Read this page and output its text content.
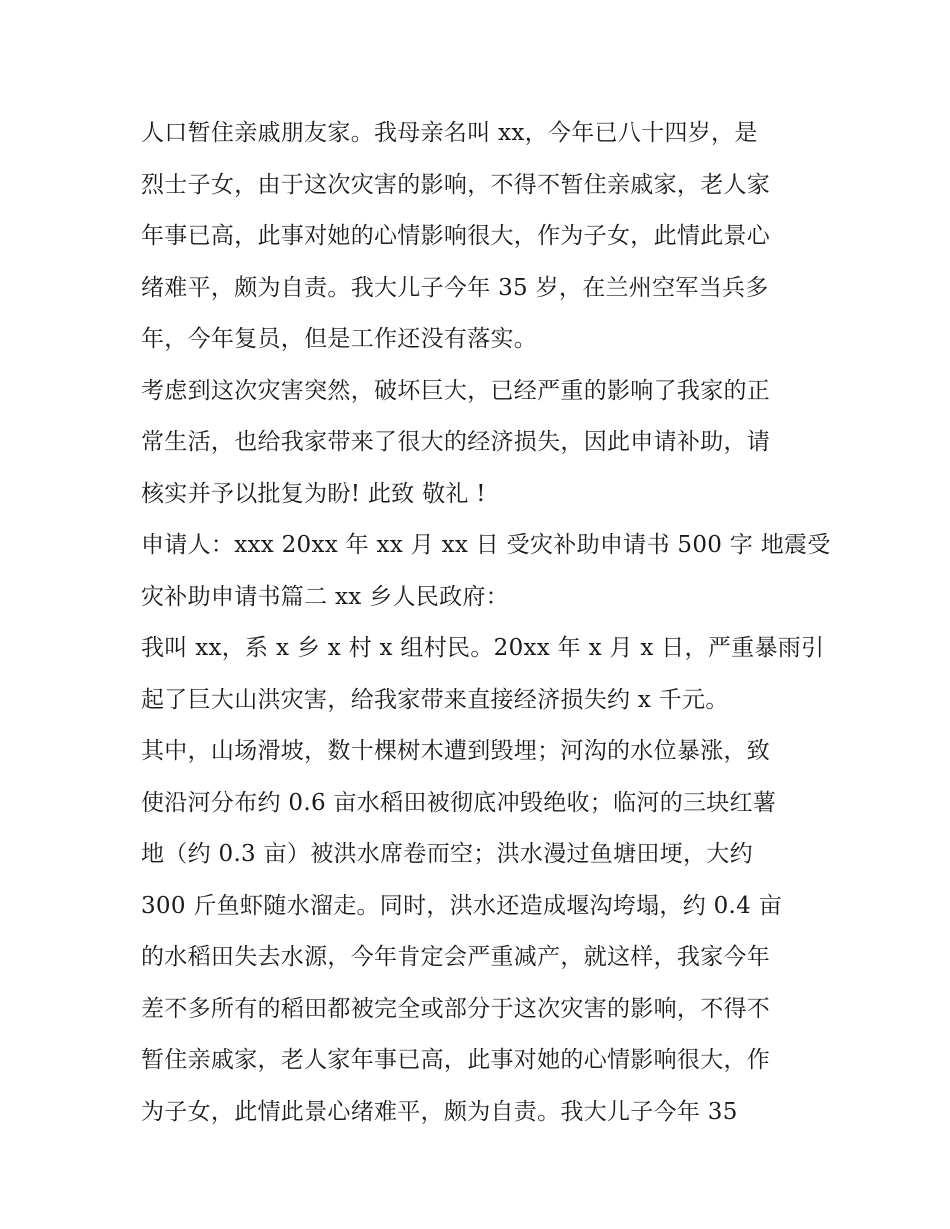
人口暂住亲戚朋友家。我母亲名叫 xx，今年已八十四岁，是
烈士子女，由于这次灾害的影响，不得不暂住亲戚家，老人家
年事已高，此事对她的心情影响很大，作为子女，此情此景心
绪难平，颇为自责。我大儿子今年 35 岁，在兰州空军当兵多
年，今年复员，但是工作还没有落实。
考虑到这次灾害突然，破坏巨大，已经严重的影响了我家的正
常生活，也给我家带来了很大的经济损失，因此申请补助，请
核实并予以批复为盼! 此致 敬礼 !
申请人：xxx 20xx 年 xx 月 xx 日 受灾补助申请书 500 字 地震受
灾补助申请书篇二 xx 乡人民政府：
我叫 xx，系 x 乡 x 村 x 组村民。20xx 年 x 月 x 日，严重暴雨引
起了巨大山洪灾害，给我家带来直接经济损失约 x 千元。
其中，山场滑坡，数十棵树木遭到毁埋；河沟的水位暴涨，致
使沿河分布约 0.6 亩水稻田被彻底冲毁绝收；临河的三块红薯
地（约 0.3 亩）被洪水席卷而空；洪水漫过鱼塘田埂，大约
300 斤鱼虾随水溜走。同时，洪水还造成堰沟垮塌，约 0.4 亩
的水稻田失去水源，今年肯定会严重减产，就这样，我家今年
差不多所有的稻田都被完全或部分于这次灾害的影响，不得不
暂住亲戚家，老人家年事已高，此事对她的心情影响很大，作
为子女，此情此景心绪难平，颇为自责。我大儿子今年 35
